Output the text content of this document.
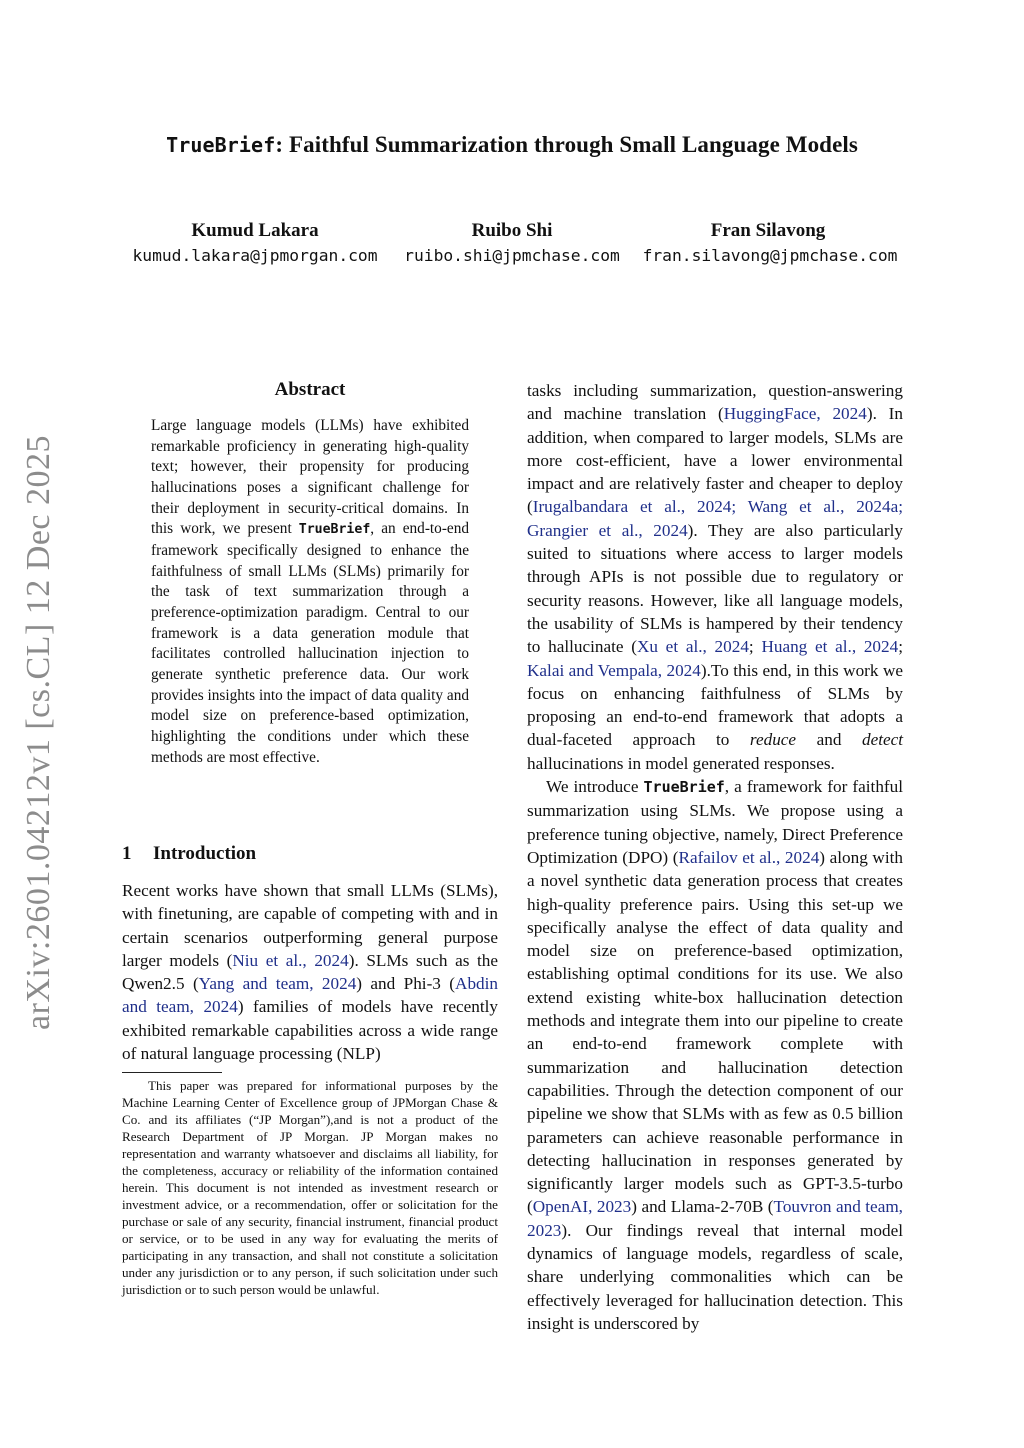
TrueBrief: Faithful Summarization through Small Language Models
Kumud Lakara	Ruibo Shi	Fran Silavong
kumud.lakara@jpmorgan.com	ruibo.shi@jpmchase.com	fran.silavong@jpmchase.com
arXiv:2601.04212v1 [cs.CL] 12 Dec 2025
Abstract
Large language models (LLMs) have exhibited remarkable proficiency in generating high-quality text; however, their propensity for producing hallucinations poses a significant challenge for their deployment in security-critical domains. In this work, we present TrueBrief, an end-to-end framework specifically designed to enhance the faithfulness of small LLMs (SLMs) primarily for the task of text summarization through a preference-optimization paradigm. Central to our framework is a data generation module that facilitates controlled hallucination injection to generate synthetic preference data. Our work provides insights into the impact of data quality and model size on preference-based optimization, highlighting the conditions under which these methods are most effective.
1 Introduction
Recent works have shown that small LLMs (SLMs), with finetuning, are capable of competing with and in certain scenarios outperforming general purpose larger models (Niu et al., 2024). SLMs such as the Qwen2.5 (Yang and team, 2024) and Phi-3 (Abdin and team, 2024) families of models have recently exhibited remarkable capabilities across a wide range of natural language processing (NLP)
This paper was prepared for informational purposes by the Machine Learning Center of Excellence group of JPMorgan Chase & Co. and its affiliates (“JP Morgan”),and is not a product of the Research Department of JP Morgan. JP Morgan makes no representation and warranty whatsoever and disclaims all liability, for the completeness, accuracy or reliability of the information contained herein. This document is not intended as investment research or investment advice, or a recommendation, offer or solicitation for the purchase or sale of any security, financial instrument, financial product or service, or to be used in any way for evaluating the merits of participating in any transaction, and shall not constitute a solicitation under any jurisdiction or to any person, if such solicitation under such jurisdiction or to such person would be unlawful.

tasks including summarization, question-answering and machine translation (HuggingFace, 2024). In addition, when compared to larger models, SLMs are more cost-efficient, have a lower environmental impact and are relatively faster and cheaper to deploy (Irugalbandara et al., 2024; Wang et al., 2024a; Grangier et al., 2024). They are also particularly suited to situations where access to larger models through APIs is not possible due to regulatory or security reasons. However, like all language models, the usability of SLMs is hampered by their tendency to hallucinate (Xu et al., 2024; Huang et al., 2024; Kalai and Vempala, 2024).To this end, in this work we focus on enhancing faithfulness of SLMs by proposing an end-to-end framework that adopts a dual-faceted approach to reduce and detect hallucinations in model generated responses.

We introduce TrueBrief, a framework for faithful summarization using SLMs. We propose using a preference tuning objective, namely, Direct Preference Optimization (DPO) (Rafailov et al., 2024) along with a novel synthetic data generation process that creates high-quality preference pairs. Using this set-up we specifically analyse the effect of data quality and model size on preference-based optimization, establishing optimal conditions for its use. We also extend existing white-box hallucination detection methods and integrate them into our pipeline to create an end-to-end framework complete with summarization and hallucination detection capabilities. Through the detection component of our pipeline we show that SLMs with as few as 0.5 billion parameters can achieve reasonable performance in detecting hallucination in responses generated by significantly larger models such as GPT-3.5-turbo (OpenAI, 2023) and Llama-2-70B (Touvron and team, 2023). Our findings reveal that internal model dynamics of language models, regardless of scale, share underlying commonalities which can be effectively leveraged for hallucination detection. This insight is underscored by
